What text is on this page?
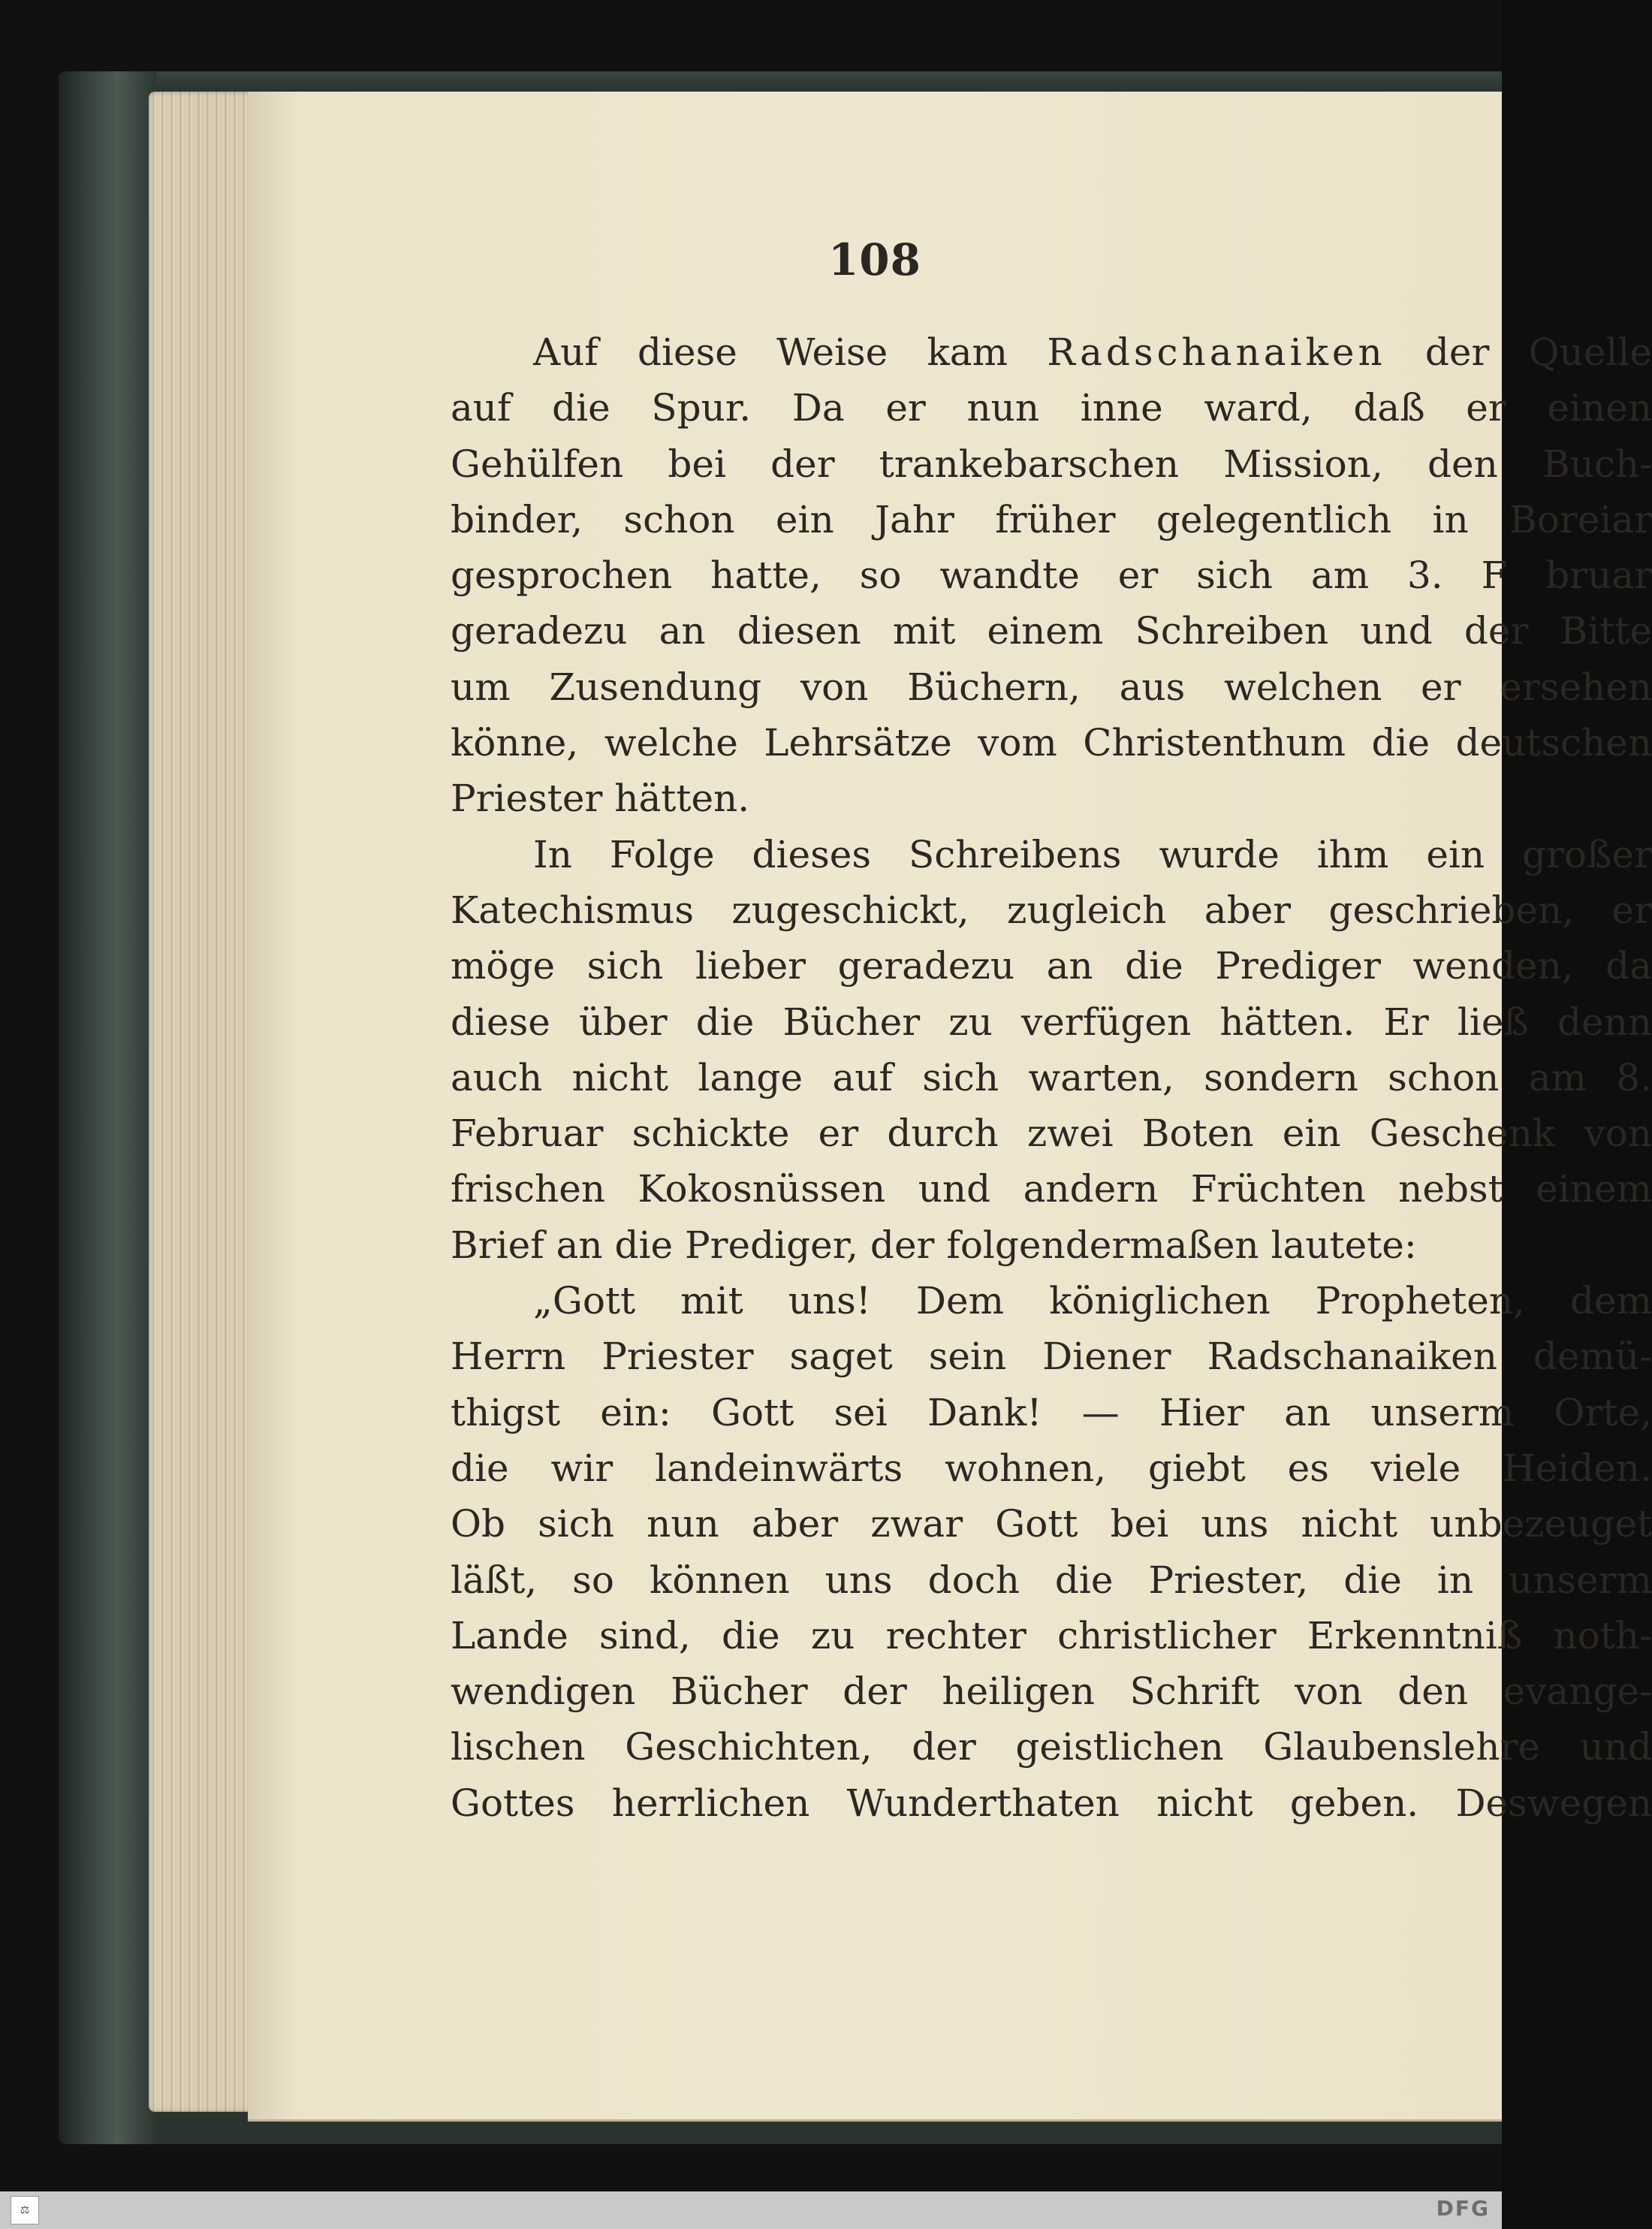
108
Auf diese Weise kam Radschanaiken der Quelle
auf die Spur. Da er nun inne ward, daß er einen
Gehülfen bei der trankebarschen Mission, den Buch-
binder, schon ein Jahr früher gelegentlich in Boreiar
gesprochen hatte, so wandte er sich am 3. F bruar
geradezu an diesen mit einem Schreiben und der Bitte
um Zusendung von Büchern, aus welchen er ersehen
könne, welche Lehrsätze vom Christenthum die deutschen
Priester hätten.
In Folge dieses Schreibens wurde ihm ein großer
Katechismus zugeschickt, zugleich aber geschrieben, er
möge sich lieber geradezu an die Prediger wenden, da
diese über die Bücher zu verfügen hätten. Er ließ denn
auch nicht lange auf sich warten, sondern schon am 8.
Februar schickte er durch zwei Boten ein Geschenk von
frischen Kokosnüssen und andern Früchten nebst einem
Brief an die Prediger, der folgendermaßen lautete:
„Gott mit uns! Dem königlichen Propheten, dem
Herrn Priester saget sein Diener Radschanaiken demü-
thigst ein: Gott sei Dank! — Hier an unserm Orte,
die wir landeinwärts wohnen, giebt es viele Heiden.
Ob sich nun aber zwar Gott bei uns nicht unbezeuget
läßt, so können uns doch die Priester, die in unserm
Lande sind, die zu rechter christlicher Erkenntniß noth-
wendigen Bücher der heiligen Schrift von den evange-
lischen Geschichten, der geistlichen Glaubenslehre und
Gottes herrlichen Wunderthaten nicht geben. Deswegen
⚖	DFG
